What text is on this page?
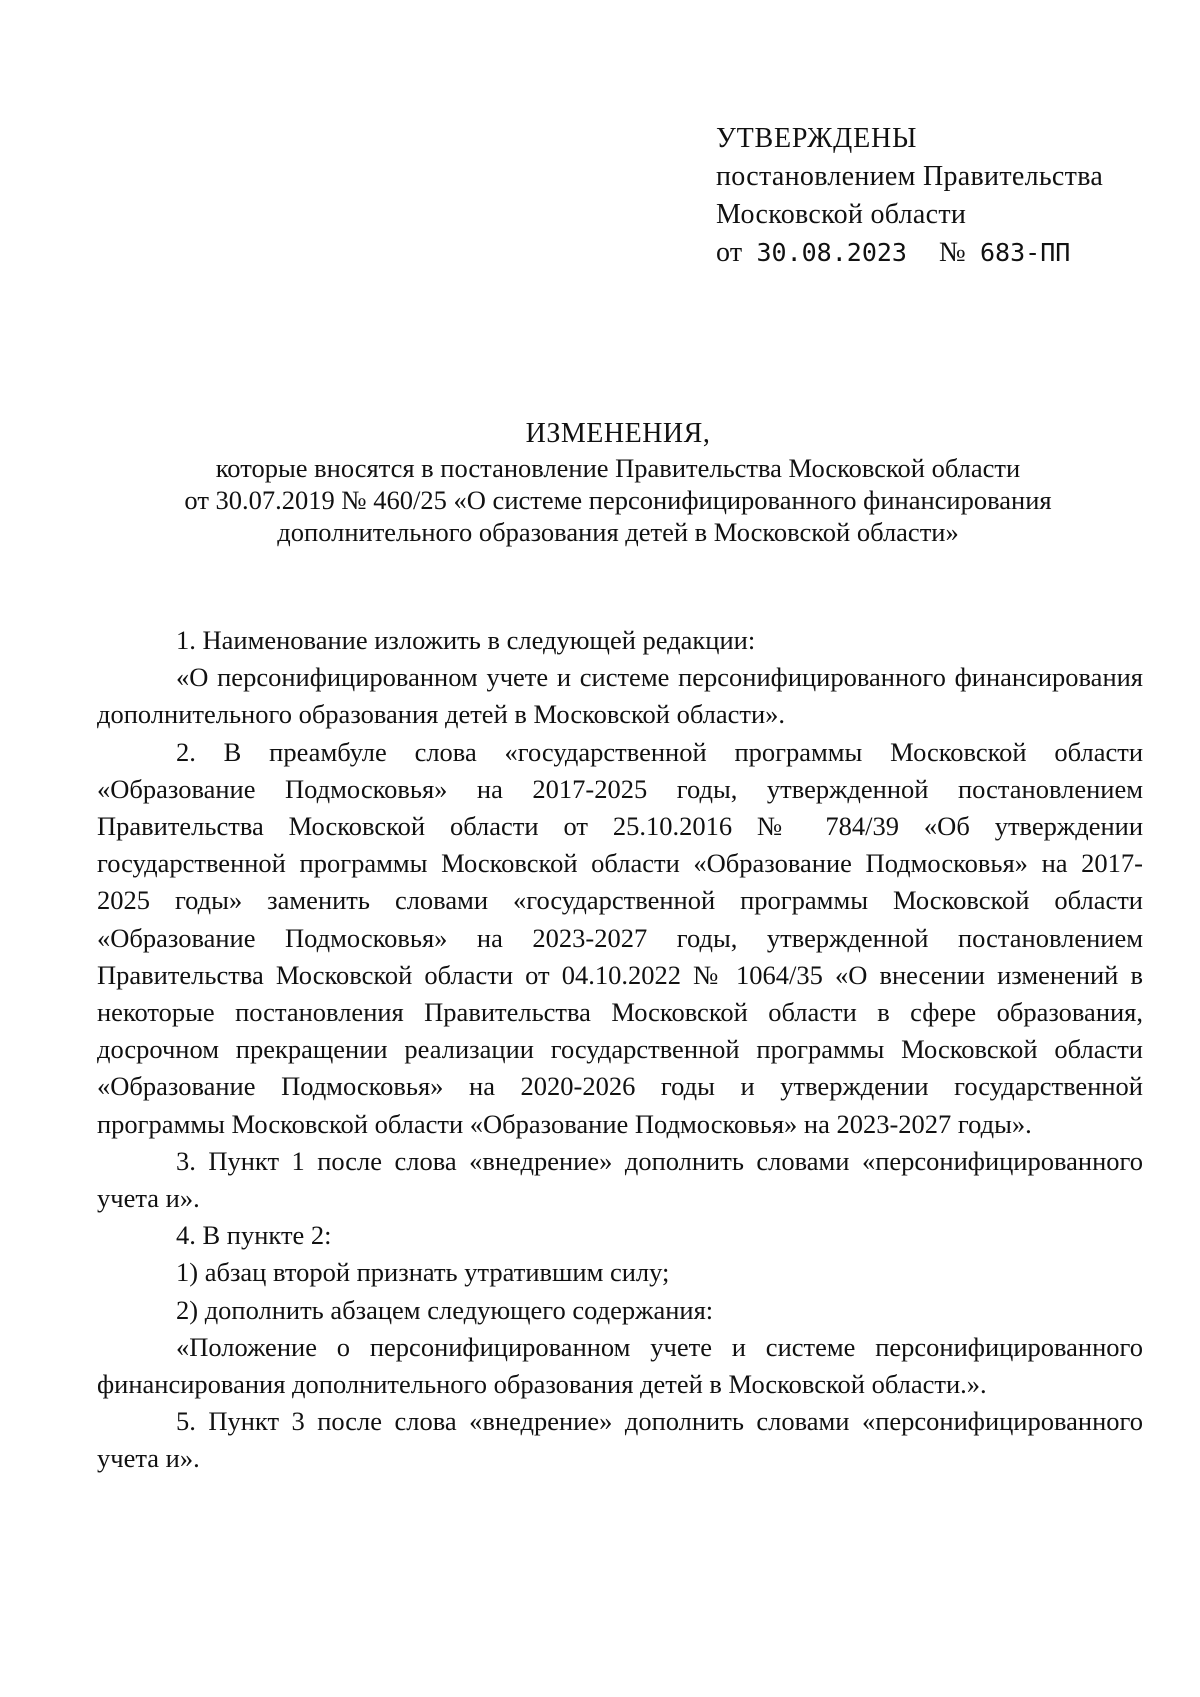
УТВЕРЖДЕНЫ
постановлением Правительства
Московской области
от 30.08.2023 № 683-ПП
ИЗМЕНЕНИЯ,
которые вносятся в постановление Правительства Московской области
от 30.07.2019 № 460/25 «О системе персонифицированного финансирования
дополнительного образования детей в Московской области»

1. Наименование изложить в следующей редакции:

«О персонифицированном учете и системе персонифицированного финансирования дополнительного образования детей в Московской области».

2. В преамбуле слова «государственной программы Московской области «Образование Подмосковья» на 2017-2025 годы, утвержденной постановлением Правительства Московской области от 25.10.2016 № 784/39 «Об утверждении государственной программы Московской области «Образование Подмосковья» на 2017-2025 годы» заменить словами «государственной программы Московской области «Образование Подмосковья» на 2023-2027 годы, утвержденной постановлением Правительства Московской области от 04.10.2022 № 1064/35 «О внесении изменений в некоторые постановления Правительства Московской области в сфере образования, досрочном прекращении реализации государственной программы Московской области «Образование Подмосковья» на 2020-2026 годы и утверждении государственной программы Московской области «Образование Подмосковья» на 2023-2027 годы».

3. Пункт 1 после слова «внедрение» дополнить словами «персонифицированного учета и».

4. В пункте 2:

1) абзац второй признать утратившим силу;

2) дополнить абзацем следующего содержания:

«Положение о персонифицированном учете и системе персонифицированного финансирования дополнительного образования детей в Московской области.».

5. Пункт 3 после слова «внедрение» дополнить словами «персонифицированного учета и».
